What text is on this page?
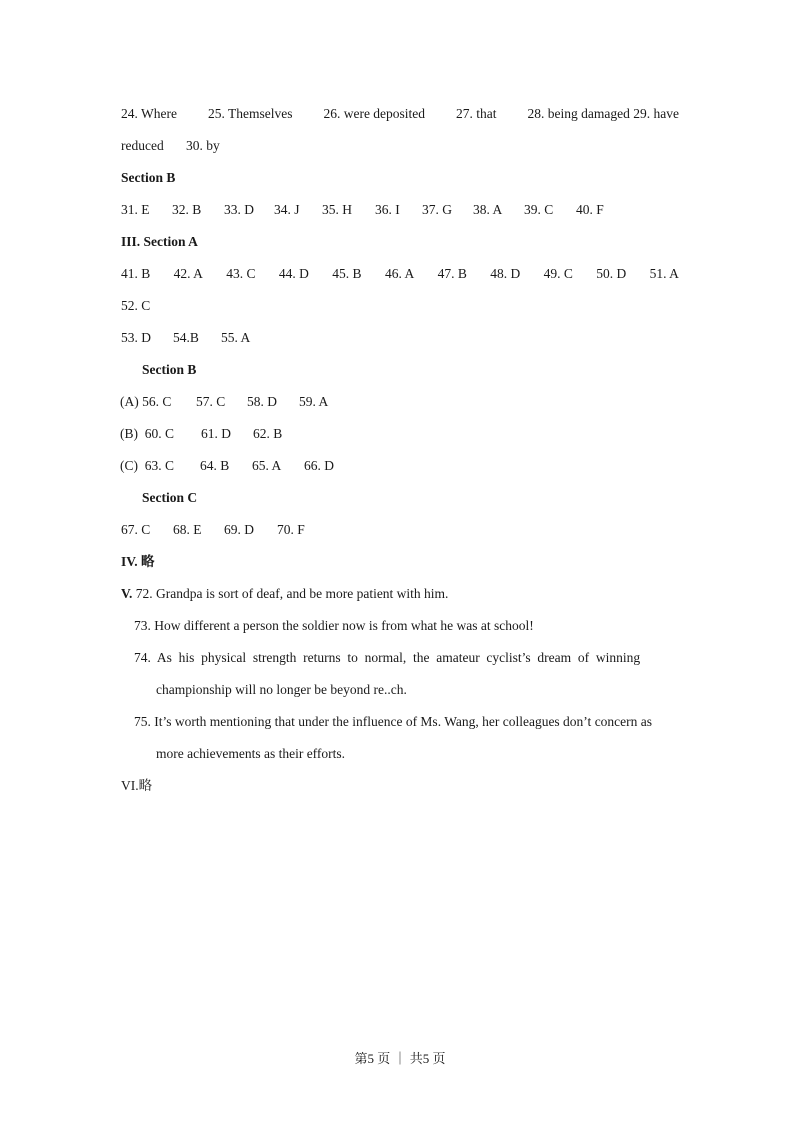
24. Where 25. Themselves 26. were deposited 27. that 28. being damaged 29. have
reduced	30. by
Section B
31. E	32. B	33. D	34. J	35. H	36. I	37. G	38. A	39. C	40. F
III. Section A
41. B 42. A 43. C 44. D 45. B 46. A 47. B 48. D 49. C 50. D 51. A
52. C
53. D	54.B	55. A
Section B
(A) 56. C	57. C	58. D	59. A
(B)  60. C	61. D	62. B
(C)  63. C	64. B	65. A	66. D
Section C
67. C	68. E	69. D	70. F
IV. 略
V. 72. Grandpa is sort of deaf, and be more patient with him.
73. How different a person the soldier now is from what he was at school!
74.  As  his  physical  strength  returns  to  normal,  the  amateur  cyclist’s  dream  of  winning
championship will no longer be beyond re..ch.
75. It’s worth mentioning that under the influence of Ms. Wang, her colleagues don’t concern as
more achievements as their efforts.
VI.略
第5 页 ｜ 共5 页
